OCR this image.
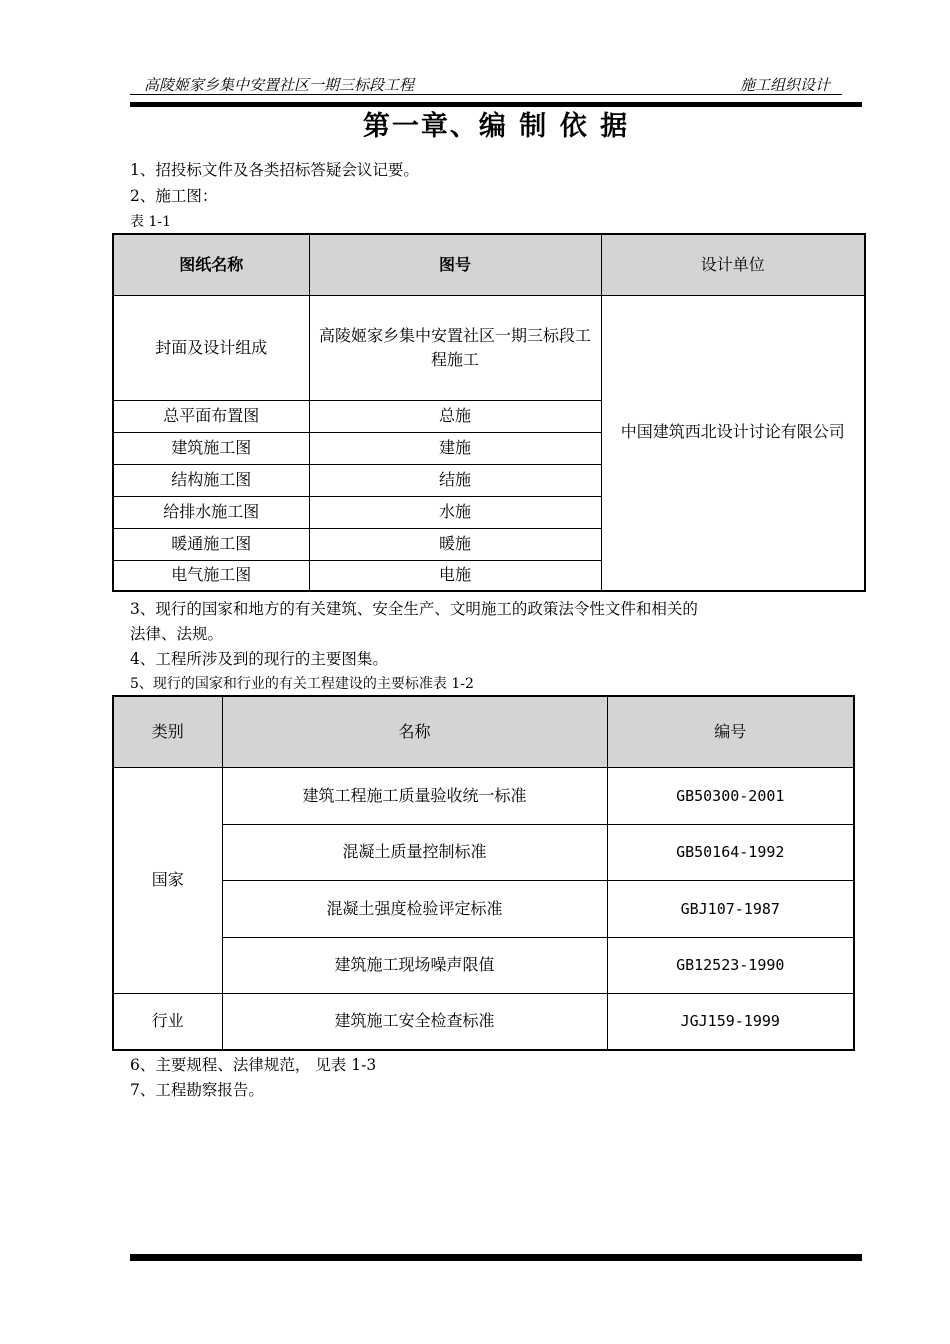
高陵姬家乡集中安置社区一期三标段工程	施工组织设计
第一章、编 制 依 据
1、招投标文件及各类招标答疑会议记要。
2、施工图：
表 1-1
图纸名称	图号	设计单位
封面及设计组成	高陵姬家乡集中安置社区一期三标段工程施工	中国建筑西北设计讨论有限公司
总平面布置图	总施	
建筑施工图	建施	
结构施工图	结施	
给排水施工图	水施	
暖通施工图	暖施	
电气施工图	电施	
3、现行的国家和地方的有关建筑、安全生产、文明施工的政策法令性文件和相关的
法律、法规。
4、工程所涉及到的现行的主要图集。
5、现行的国家和行业的有关工程建设的主要标准表 1-2
类别	名称	编号
国家	建筑工程施工质量验收统一标准	GB50300-2001
	混凝土质量控制标准	GB50164-1992
	混凝土强度检验评定标准	GBJ107-1987
	建筑施工现场噪声限值	GB12523-1990
行业	建筑施工安全检查标准	JGJ159-1999
6、主要规程、法律规范， 见表 1-3
7、工程勘察报告。
